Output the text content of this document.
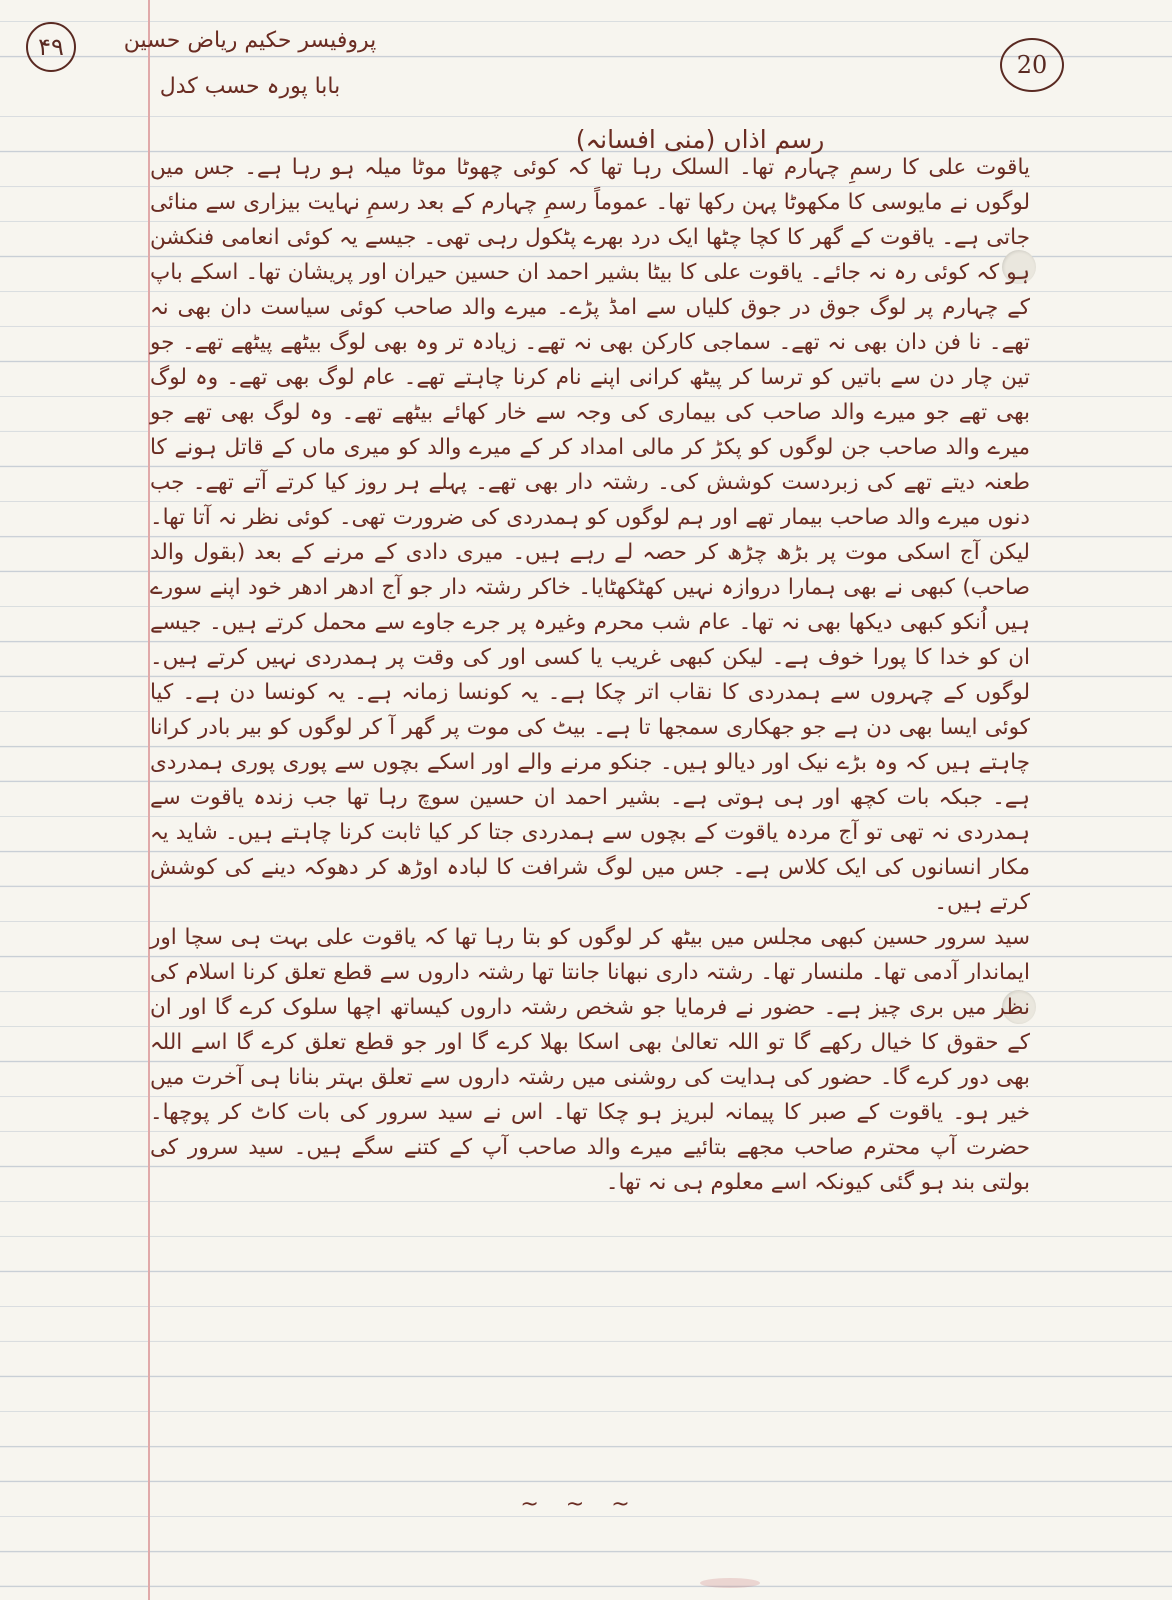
۴۹
20
پروفیسر حکیم ریاض حسین
بابا پورہ حسب کدل
رسم اذاں (منی افسانہ)

یاقوت علی کا رسمِ چہارم تھا۔ السلک رہا تھا کہ کوئی چھوٹا موٹا میلہ ہو رہا ہے۔ جس میں لوگوں نے مایوسی کا مکھوٹا پہن رکھا تھا۔ عموماً رسمِ چہارم کے بعد رسمِ نہایت بیزاری سے منائی جاتی ہے۔ یاقوت کے گھر کا کچا چٹھا ایک درد بھرے پٹکول رہی تھی۔ جیسے یہ کوئی انعامی فنکشن ہو کہ کوئی رہ نہ جائے۔ یاقوت علی کا بیٹا بشیر احمد ان حسین حیران اور پریشان تھا۔ اسکے باپ کے چہارم پر لوگ جوق در جوق کلیاں سے امڈ پڑے۔ میرے والد صاحب کوئی سیاست دان بھی نہ تھے۔ نا فن دان بھی نہ تھے۔ سماجی کارکن بھی نہ تھے۔ زیادہ تر وہ بھی لوگ بیٹھے پیٹھے تھے۔ جو تین چار دن سے باتیں کو ترسا کر پیٹھ کرانی اپنے نام کرنا چاہتے تھے۔ عام لوگ بھی تھے۔ وہ لوگ بھی تھے جو میرے والد صاحب کی بیماری کی وجہ سے خار کھائے بیٹھے تھے۔ وہ لوگ بھی تھے جو میرے والد صاحب جن لوگوں کو پکڑ کر مالی امداد کر کے میرے والد کو میری ماں کے قاتل ہونے کا طعنہ دیتے تھے کی زبردست کوشش کی۔ رشتہ دار بھی تھے۔ پہلے ہر روز کیا کرتے آتے تھے۔ جب دنوں میرے والد صاحب بیمار تھے اور ہم لوگوں کو ہمدردی کی ضرورت تھی۔ کوئی نظر نہ آتا تھا۔ لیکن آج اسکی موت پر بڑھ چڑھ کر حصہ لے رہے ہیں۔ میری دادی کے مرنے کے بعد (بقول والد صاحب) کبھی نے بھی ہمارا دروازہ نہیں کھٹکھٹایا۔ خاکر رشتہ دار جو آج ادھر ادھر خود اپنے سورے ہیں اُنکو کبھی دیکھا بھی نہ تھا۔ عام شب محرم وغیرہ پر جرے جاوے سے محمل کرتے ہیں۔ جیسے ان کو خدا کا پورا خوف ہے۔ لیکن کبھی غریب یا کسی اور کی وقت پر ہمدردی نہیں کرتے ہیں۔ لوگوں کے چہروں سے ہمدردی کا نقاب اتر چکا ہے۔ یہ کونسا زمانہ ہے۔ یہ کونسا دن ہے۔ کیا کوئی ایسا بھی دن ہے جو جھکاری سمجھا تا ہے۔ بیٹ کی موت پر گھر آ کر لوگوں کو بیر بادر کرانا چاہتے ہیں کہ وہ بڑے نیک اور دیالو ہیں۔ جنکو مرنے والے اور اسکے بچوں سے پوری پوری ہمدردی ہے۔ جبکہ بات کچھ اور ہی ہوتی ہے۔ بشیر احمد ان حسین سوچ رہا تھا جب زندہ یاقوت سے ہمدردی نہ تھی تو آج مردہ یاقوت کے بچوں سے ہمدردی جتا کر کیا ثابت کرنا چاہتے ہیں۔ شاید یہ مکار انسانوں کی ایک کلاس ہے۔ جس میں لوگ شرافت کا لبادہ اوڑھ کر دھوکہ دینے کی کوشش کرتے ہیں۔

سید سرور حسین کبھی مجلس میں بیٹھ کر لوگوں کو بتا رہا تھا کہ یاقوت علی بہت ہی سچا اور ایماندار آدمی تھا۔ ملنسار تھا۔ رشتہ داری نبھانا جانتا تھا رشتہ داروں سے قطع تعلق کرنا اسلام کی نظر میں بری چیز ہے۔ حضور نے فرمایا جو شخص رشتہ داروں کیساتھ اچھا سلوک کرے گا اور ان کے حقوق کا خیال رکھے گا تو اللہ تعالیٰ بھی اسکا بھلا کرے گا اور جو قطع تعلق کرے گا اسے اللہ بھی دور کرے گا۔ حضور کی ہدایت کی روشنی میں رشتہ داروں سے تعلق بہتر بنانا ہی آخرت میں خیر ہو۔ یاقوت کے صبر کا پیمانہ لبریز ہو چکا تھا۔ اس نے سید سرور کی بات کاٹ کر پوچھا۔ حضرت آپ محترم صاحب مجھے بتائیے میرے والد صاحب آپ کے کتنے سگے ہیں۔ سید سرور کی بولتی بند ہو گئی کیونکہ اسے معلوم ہی نہ تھا۔

~ ~ ~
